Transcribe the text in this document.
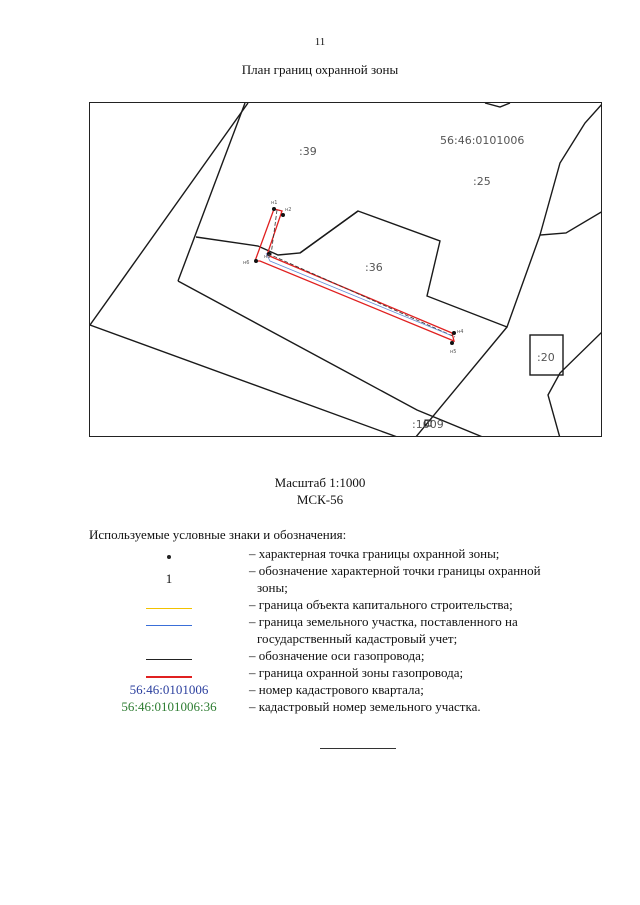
11
План границ охранной зоны
н1
н2
н3
н4
н5
н6
56:46:0101006
:39
:25
:36
:20
:1009
Масштаб 1:1000
МСК-56
Используемые условные знаки и обозначения:
– характерная точка границы охранной зоны;
1
– обозначение характерной точки границы охранной
зоны;
– граница объекта капитального строительства;
– граница земельного участка, поставленного на
государственный кадастровый учет;
– обозначение оси газопровода;
– граница охранной зоны газопровода;
56:46:0101006	– номер кадастрового квартала;
56:46:0101006:36 – кадастровый номер земельного участка.
